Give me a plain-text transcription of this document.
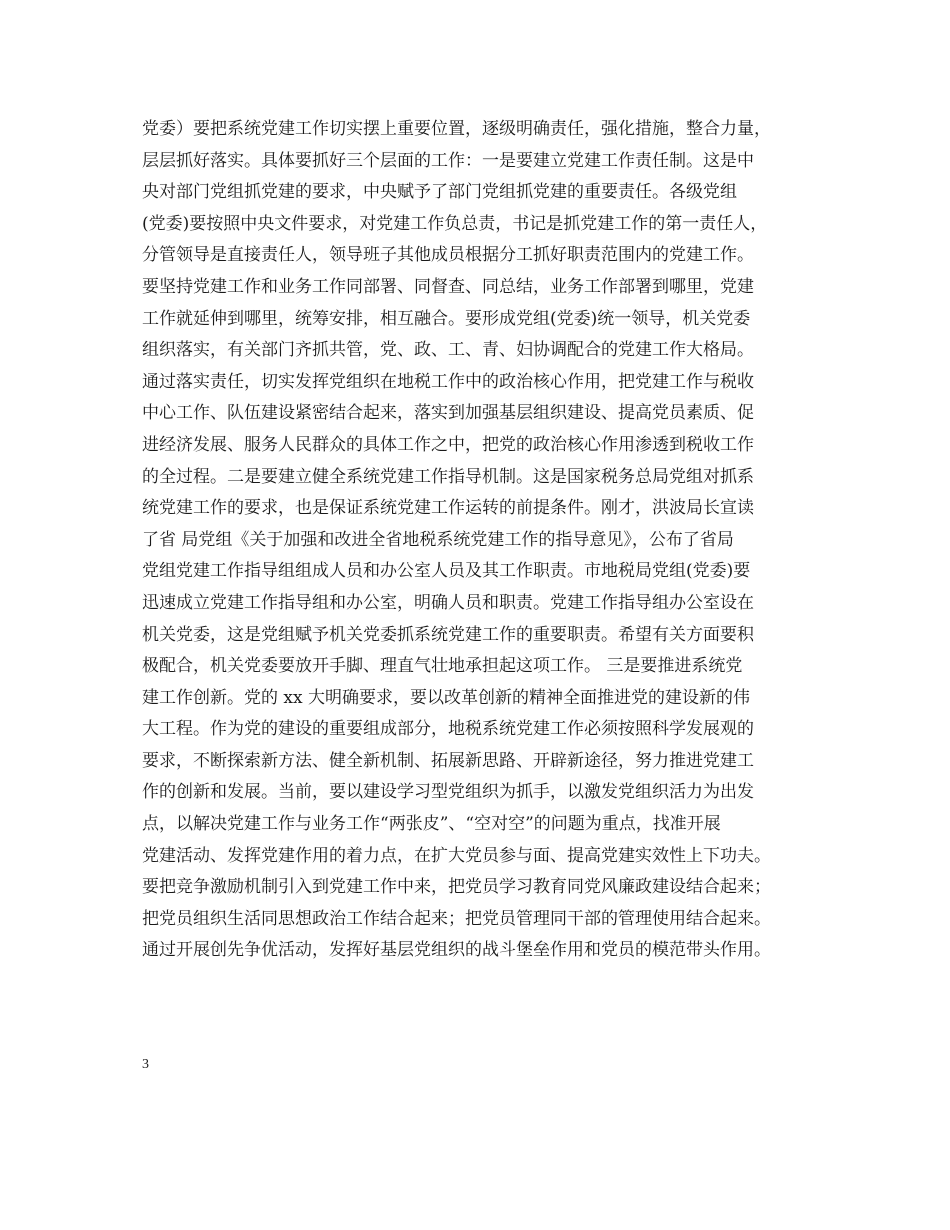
党委）要把系统党建工作切实摆上重要位置，逐级明确责任，强化措施，整合力量，
层层抓好落实。具体要抓好三个层面的工作：一是要建立党建工作责任制。这是中
央对部门党组抓党建的要求，中央赋予了部门党组抓党建的重要责任。各级党组
(党委)要按照中央文件要求，对党建工作负总责，书记是抓党建工作的第一责任人，
分管领导是直接责任人，领导班子其他成员根据分工抓好职责范围内的党建工作。
要坚持党建工作和业务工作同部署、同督查、同总结，业务工作部署到哪里，党建
工作就延伸到哪里，统筹安排，相互融合。要形成党组(党委)统一领导，机关党委
组织落实，有关部门齐抓共管，党、政、工、青、妇协调配合的党建工作大格局。
通过落实责任，切实发挥党组织在地税工作中的政治核心作用，把党建工作与税收
中心工作、队伍建设紧密结合起来，落实到加强基层组织建设、提高党员素质、促
进经济发展、服务人民群众的具体工作之中，把党的政治核心作用渗透到税收工作
的全过程。二是要建立健全系统党建工作指导机制。这是国家税务总局党组对抓系
统党建工作的要求，也是保证系统党建工作运转的前提条件。刚才，洪波局长宣读
了省 局党组《关于加强和改进全省地税系统党建工作的指导意见》，公布了省局
党组党建工作指导组组成人员和办公室人员及其工作职责。市地税局党组(党委)要
迅速成立党建工作指导组和办公室，明确人员和职责。党建工作指导组办公室设在
机关党委，这是党组赋予机关党委抓系统党建工作的重要职责。希望有关方面要积
极配合，机关党委要放开手脚、理直气壮地承担起这项工作。 三是要推进系统党
建工作创新。党的 xx 大明确要求，要以改革创新的精神全面推进党的建设新的伟
大工程。作为党的建设的重要组成部分，地税系统党建工作必须按照科学发展观的
要求，不断探索新方法、健全新机制、拓展新思路、开辟新途径，努力推进党建工
作的创新和发展。当前，要以建设学习型党组织为抓手，以激发党组织活力为出发
点，以解决党建工作与业务工作“两张皮”、“空对空”的问题为重点，找准开展
党建活动、发挥党建作用的着力点，在扩大党员参与面、提高党建实效性上下功夫。
要把竞争激励机制引入到党建工作中来，把党员学习教育同党风廉政建设结合起来；
把党员组织生活同思想政治工作结合起来；把党员管理同干部的管理使用结合起来。
通过开展创先争优活动，发挥好基层党组织的战斗堡垒作用和党员的模范带头作用。
3
